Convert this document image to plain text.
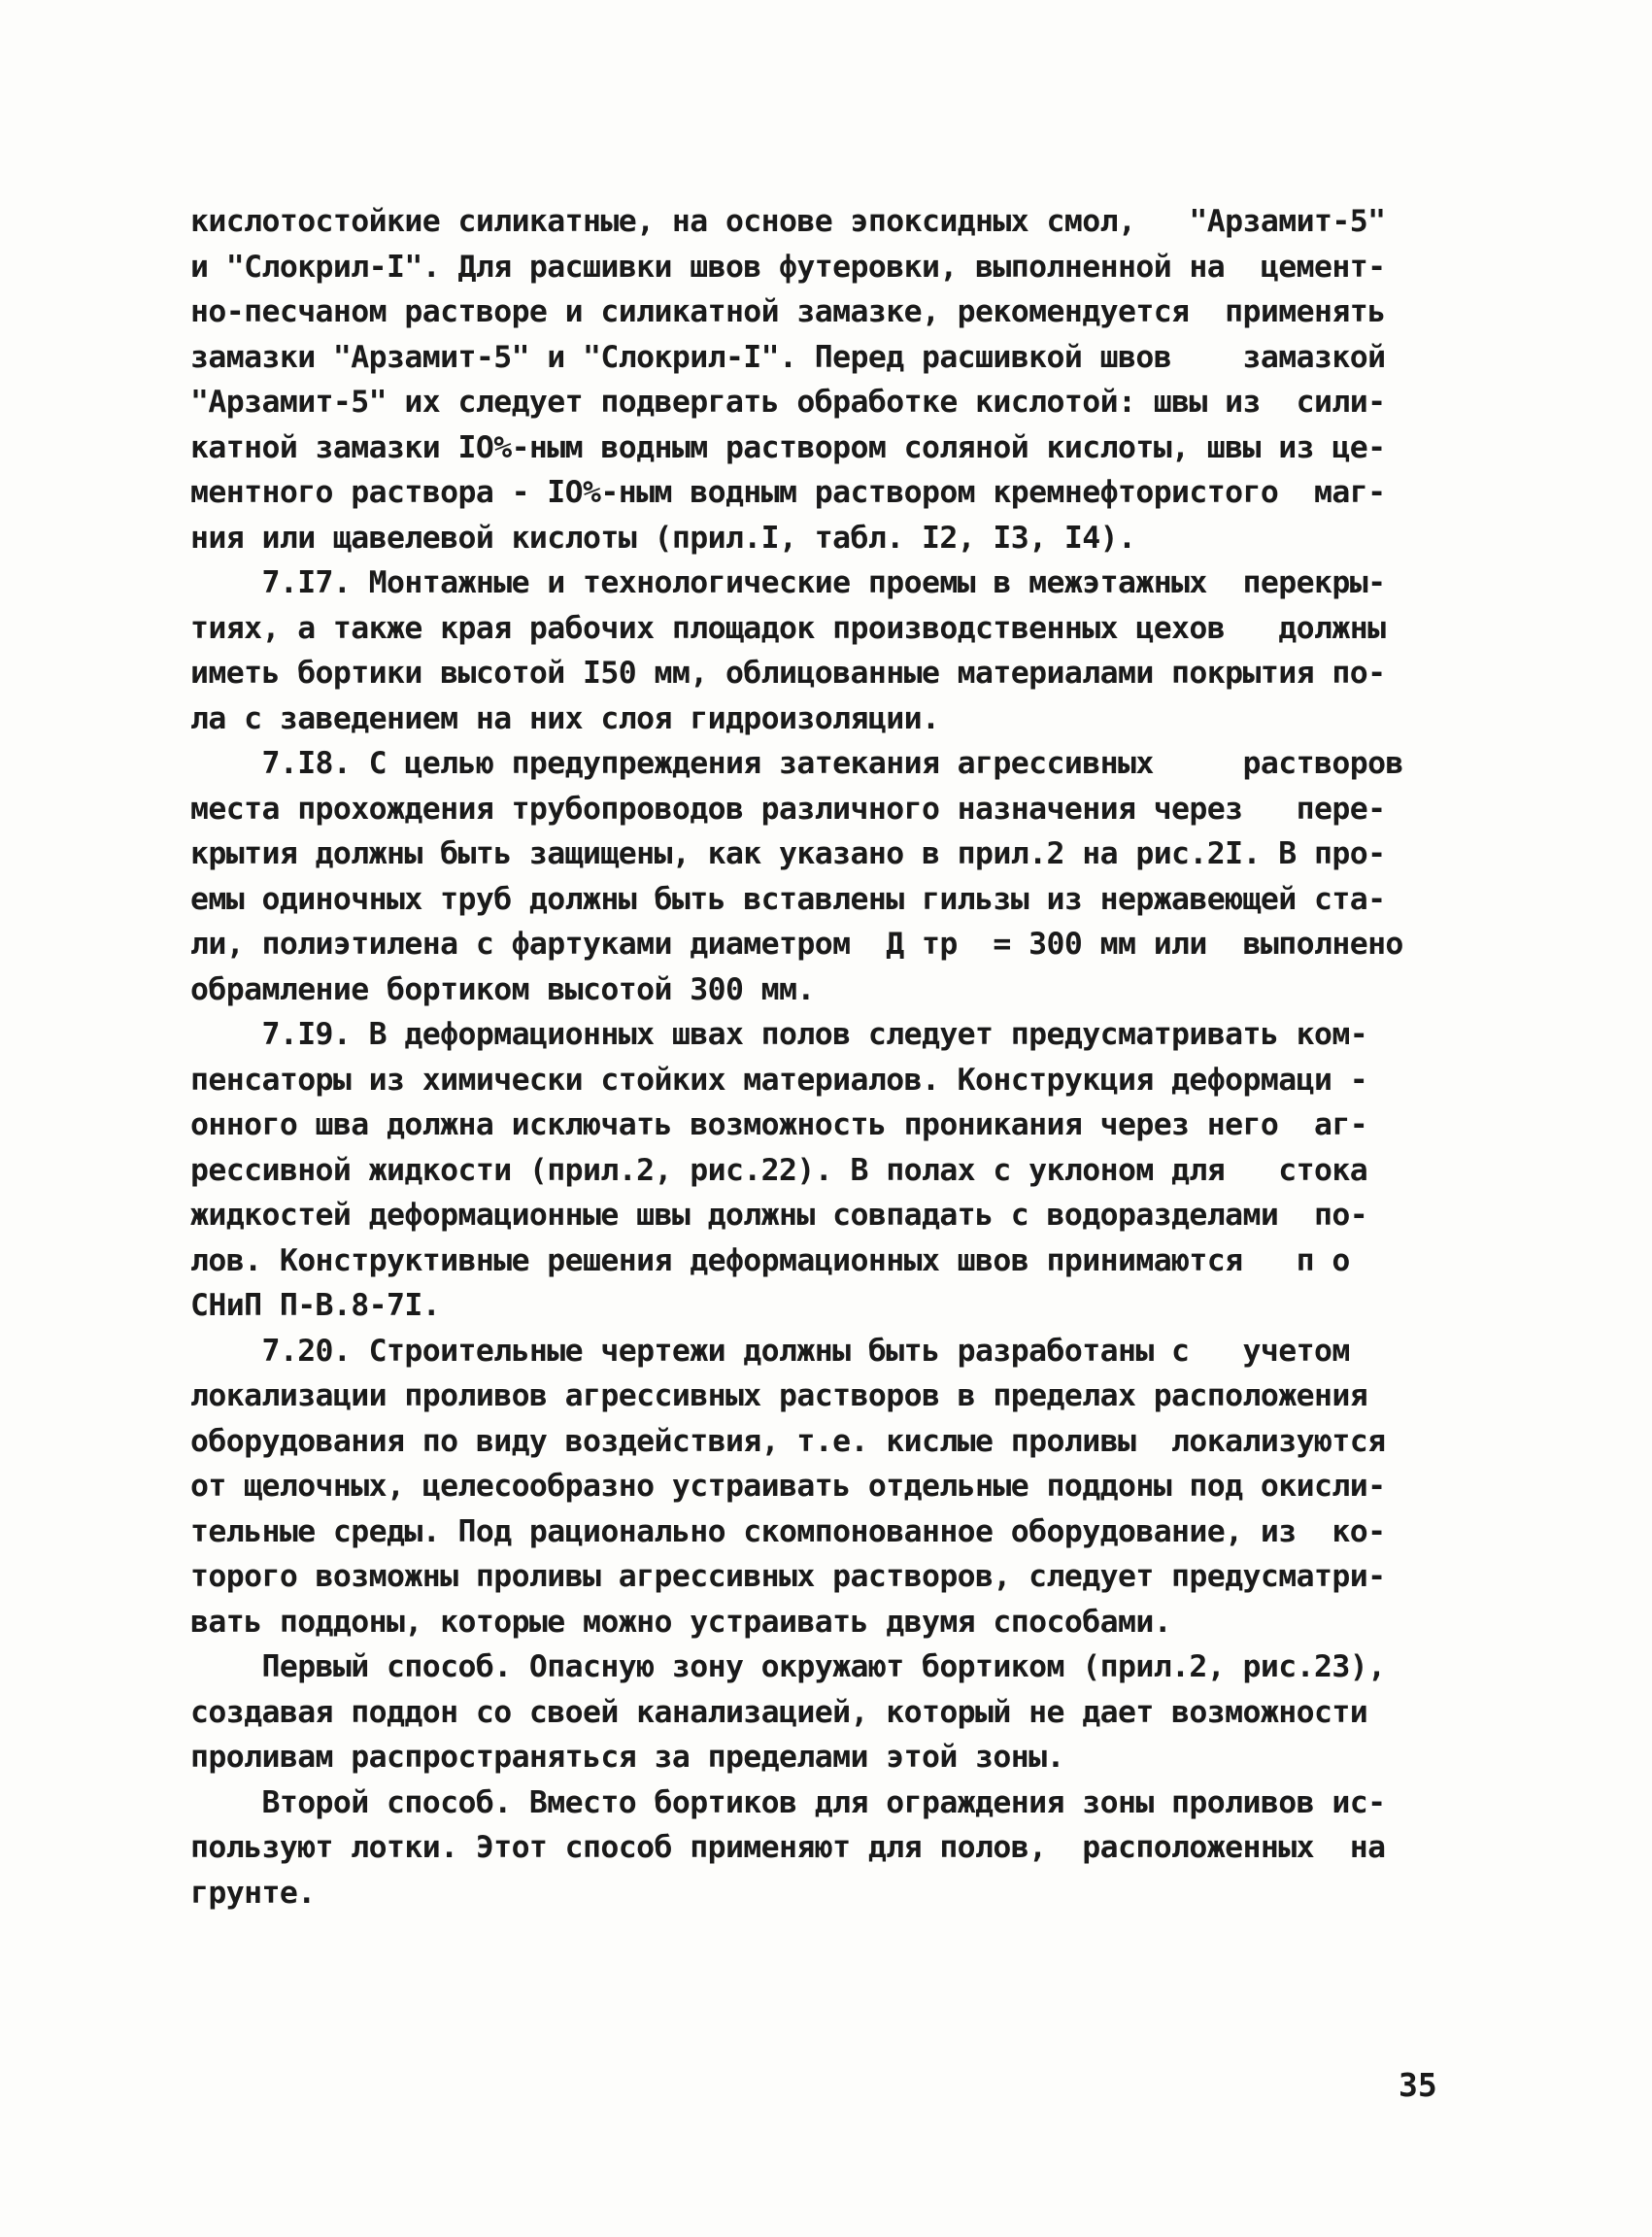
кислотостойкие силикатные, на основе эпоксидных смол,   "Арзамит-5"
и "Слокрил-I". Для расшивки швов футеровки, выполненной на  цемент-
но-песчаном растворе и силикатной замазке, рекомендуется  применять
замазки "Арзамит-5" и "Слокрил-I". Перед расшивкой швов    замазкой
"Арзамит-5" их следует подвергать обработке кислотой: швы из  сили-
катной замазки IO%-ным водным раствором соляной кислоты, швы из це-
ментного раствора - IO%-ным водным раствором кремнефтористого  маг-
ния или щавелевой кислоты (прил.I, табл. I2, I3, I4).
7.I7. Монтажные и технологические проемы в межэтажных  перекры-
тиях, а также края рабочих площадок производственных цехов   должны
иметь бортики высотой I50 мм, облицованные материалами покрытия по-
ла с заведением на них слоя гидроизоляции.
7.I8. С целью предупреждения затекания агрессивных     растворов
места прохождения трубопроводов различного назначения через   пере-
крытия должны быть защищены, как указано в прил.2 на рис.2I. В про-
емы одиночных труб должны быть вставлены гильзы из нержавеющей ста-
ли, полиэтилена с фартуками диаметром  Д тр  = 300 мм или  выполнено
обрамление бортиком высотой 300 мм.
7.I9. В деформационных швах полов следует предусматривать ком-
пенсаторы из химически стойких материалов. Конструкция деформаци -
онного шва должна исключать возможность проникания через него  аг-
рессивной жидкости (прил.2, рис.22). В полах с уклоном для   стока
жидкостей деформационные швы должны совпадать с водоразделами  по-
лов. Конструктивные решения деформационных швов принимаются   п о
СНиП П-В.8-7I.
7.20. Строительные чертежи должны быть разработаны с   учетом
локализации проливов агрессивных растворов в пределах расположения
оборудования по виду воздействия, т.е. кислые проливы  локализуются
от щелочных, целесообразно устраивать отдельные поддоны под окисли-
тельные среды. Под рационально скомпонованное оборудование, из  ко-
торого возможны проливы агрессивных растворов, следует предусматри-
вать поддоны, которые можно устраивать двумя способами.
Первый способ. Опасную зону окружают бортиком (прил.2, рис.23),
создавая поддон со своей канализацией, который не дает возможности
проливам распространяться за пределами этой зоны.
Второй способ. Вместо бортиков для ограждения зоны проливов ис-
пользуют лотки. Этот способ применяют для полов,  расположенных  на
грунте.
35
